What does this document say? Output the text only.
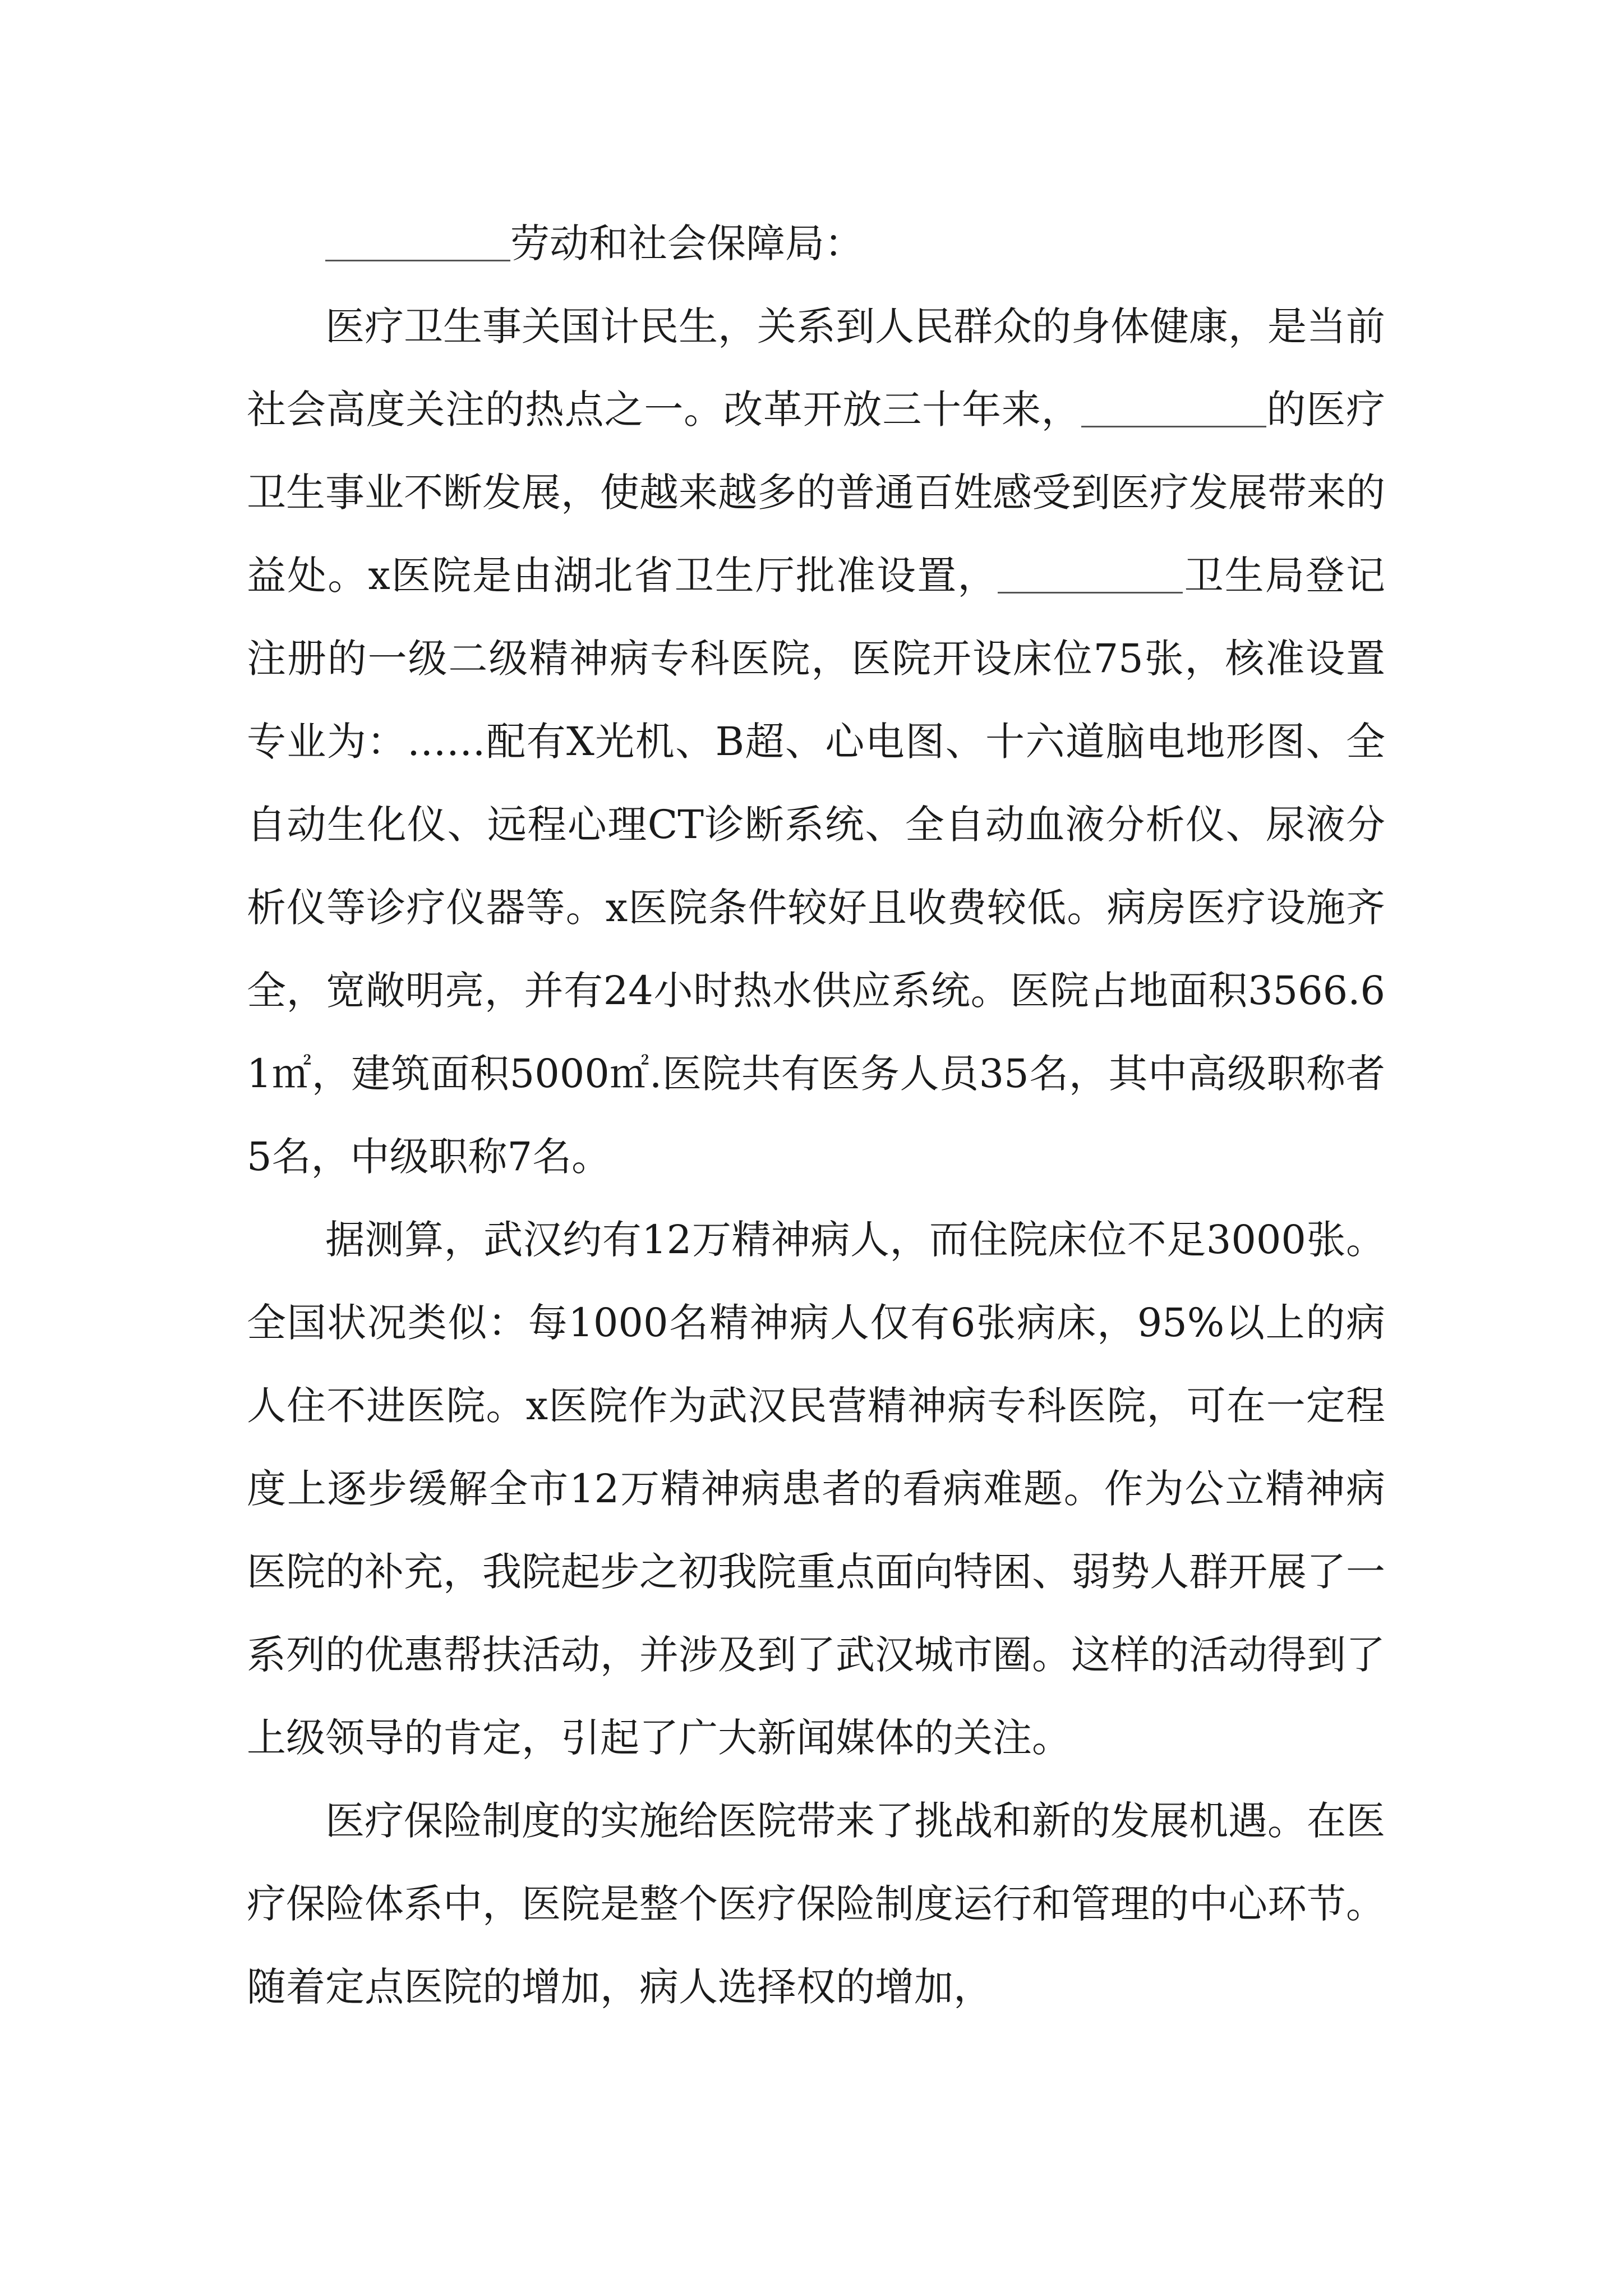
劳动和社会保障局：

医疗卫生事关国计民生，关系到人民群众的身体健康，是当前社会高度关注的热点之一。改革开放三十年来，	的医疗卫生事业不断发展，使越来越多的普通百姓感受到医疗发展带来的益处。x医院是由湖北省卫生厅批准设置，	卫生局登记注册的一级二级精神病专科医院，医院开设床位75张，核准设置专业为：……配有X光机、B超、心电图、十六道脑电地形图、全自动生化仪、远程心理CT诊断系统、全自动血液分析仪、尿液分析仪等诊疗仪器等。x医院条件较好且收费较低。病房医疗设施齐全，宽敞明亮，并有24小时热水供应系统。医院占地面积3566.61㎡，建筑面积5000㎡.医院共有医务人员35名，其中高级职称者5名，中级职称7名。

据测算，武汉约有12万精神病人，而住院床位不足3000张。全国状况类似：每1000名精神病人仅有6张病床，95%以上的病人住不进医院。x医院作为武汉民营精神病专科医院，可在一定程度上逐步缓解全市12万精神病患者的看病难题。作为公立精神病医院的补充，我院起步之初我院重点面向特困、弱势人群开展了一系列的优惠帮扶活动，并涉及到了武汉城市圈。这样的活动得到了上级领导的肯定，引起了广大新闻媒体的关注。

医疗保险制度的实施给医院带来了挑战和新的发展机遇。在医疗保险体系中，医院是整个医疗保险制度运行和管理的中心环节。随着定点医院的增加，病人选择权的增加，
